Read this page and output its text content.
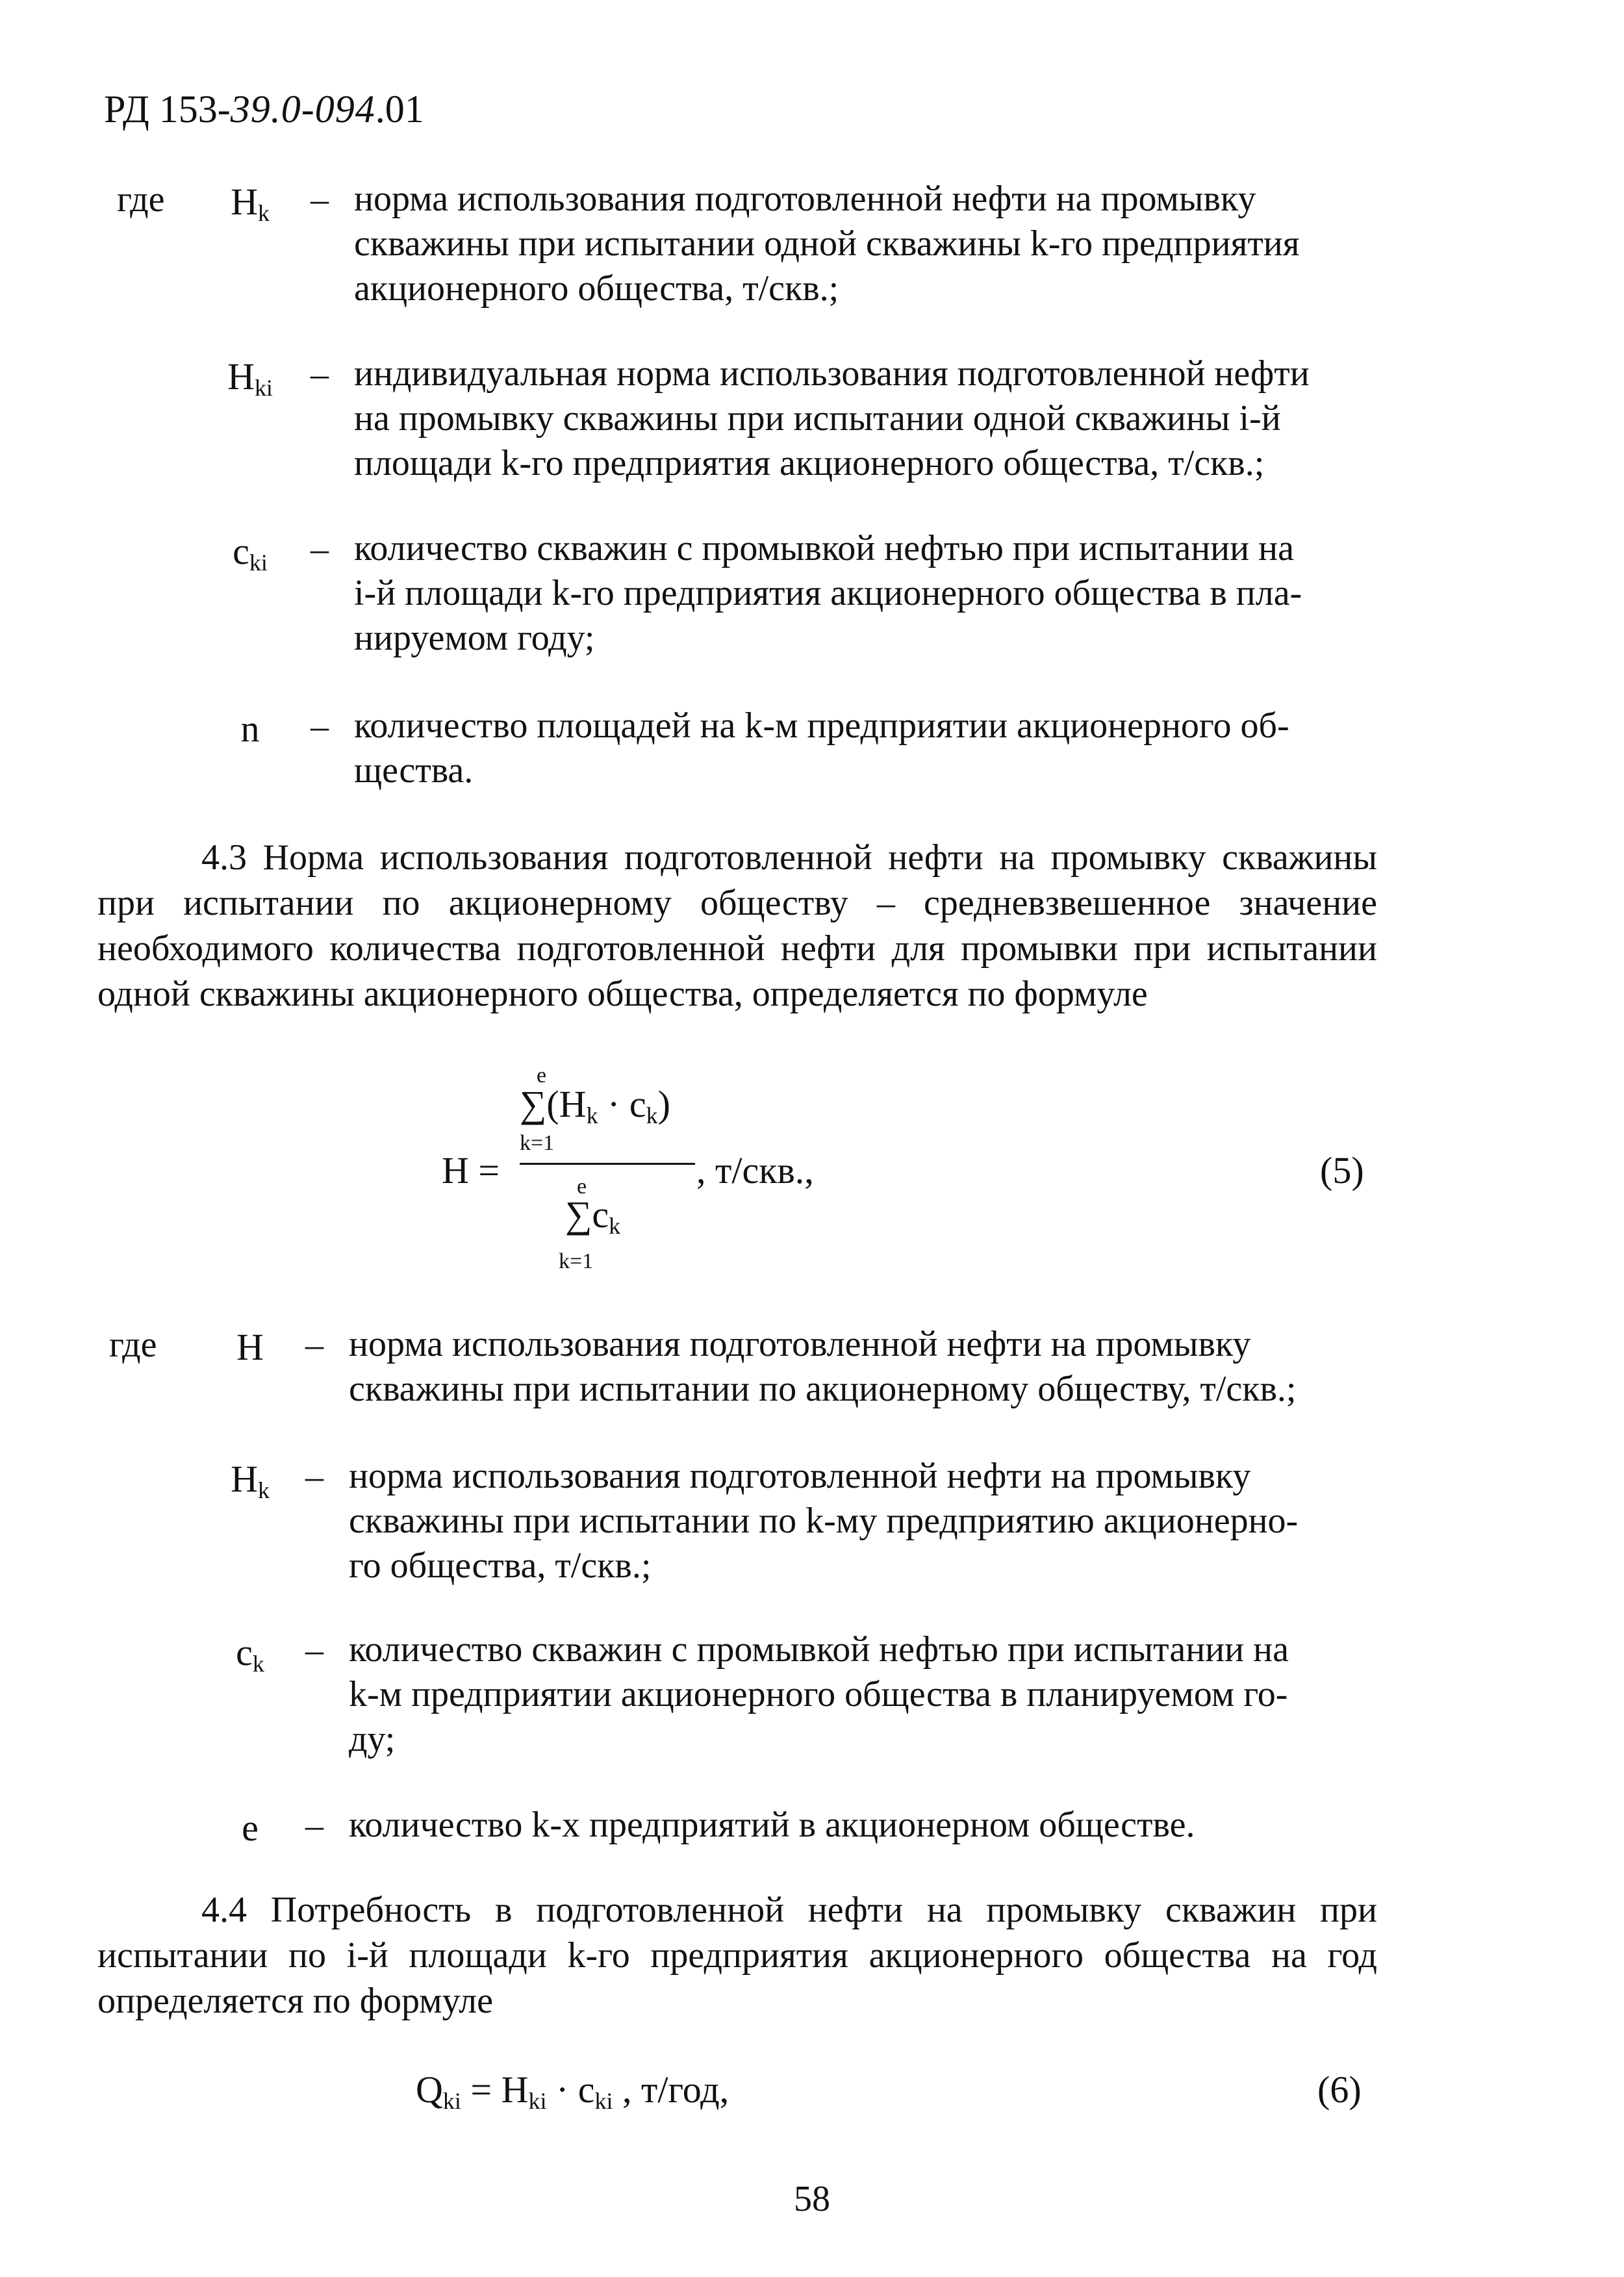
РД 153-39.0-094.01
где	$H_k$	– норма использования подготовленной нефти на промывку
скважины при испытании одной скважины k-го предприятия
акционерного общества, т/скв.;
$H_{ki}$	– индивидуальная норма использования подготовленной нефти
на промывку скважины при испытании одной скважины i-й
площади k-го предприятия акционерного общества, т/скв.;
$c_{ki}$	– количество скважин с промывкой нефтью при испытании на
i-й площади k-го предприятия акционерного общества в пла-
нируемом году;
n	– количество площадей на k-м предприятии акционерного об-
щества.
4.3 Норма использования подготовленной нефти на промывку скважины при испытании по акционерному обществу – средневзвешенное значение необходимого количества подготовленной нефти для промывки при испытании одной скважины акционерного общества, определяется по формуле
H =
e
$\sum(H_k \cdot c_k)$
k=1
e
$\sum c_k$
k=1
, т/скв.,	(5)
где	H	– норма использования подготовленной нефти на промывку
скважины при испытании по акционерному обществу, т/скв.;
$H_k$ – норма использования подготовленной нефти на промывку
скважины при испытании по k-му предприятию акционерно-
го общества, т/скв.;
$c_k$	– количество скважин с промывкой нефтью при испытании на
k-м предприятии акционерного общества в планируемом го-
ду;
e	– количество k-х предприятий в акционерном обществе.
4.4 Потребность в подготовленной нефти на промывку скважин при испытании по i-й площади k-го предприятия акционерного общества на год определяется по формуле
$Q_{ki} = H_{ki} \cdot c_{ki}$ , т/год,	(6)
58
